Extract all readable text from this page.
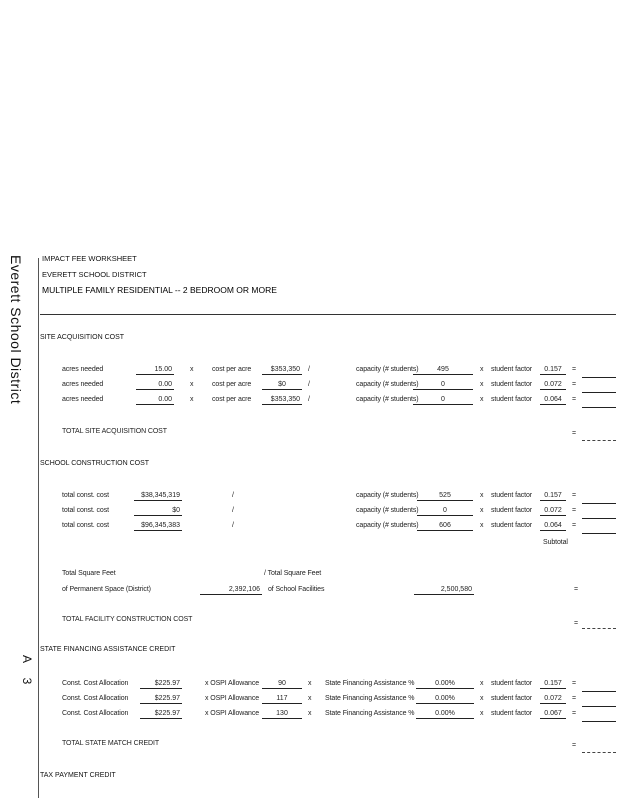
Everett School District
A 3
IMPACT FEE WORKSHEET
EVERETT SCHOOL DISTRICT
MULTIPLE FAMILY RESIDENTIAL -- 2 BEDROOM OR MORE
SITE ACQUISITION COST
acres needed	15.00	x	cost per acre	$353,350 /	capacity (# students)	495	x student factor	0.157	=
acres needed	0.00	x	cost per acre	$0	/	capacity (# students)	0	x student factor	0.072	=
acres needed	0.00	x	cost per acre	$353,350 /	capacity (# students)	0	x student factor	0.064	=
TOTAL SITE ACQUISITION COST	=
SCHOOL CONSTRUCTION COST
total const. cost	$38,345,319	/	capacity (# students)	525	x student factor	0.157	=
total const. cost	$0	/	capacity (# students)	0	x student factor	0.072	=
total const. cost	$96,345,383	/	capacity (# students)	606	x student factor	0.064	=
Subtotal
Total Square Feet
of Permanent Space (District)	2,392,106
/ Total Square Feet
of School Facilities	2,500,580	=
TOTAL FACILITY CONSTRUCTION COST
=
STATE FINANCING ASSISTANCE CREDIT
Const. Cost Allocation	$225.97	x OSPI Allowance	90	x State Financing Assistance %	0.00%	x student factor	0.157	=
Const. Cost Allocation	$225.97	x OSPI Allowance	117	x State Financing Assistance %	0.00%	x student factor	0.072	=
Const. Cost Allocation	$225.97	x OSPI Allowance	130	x State Financing Assistance %	0.00%	x student factor	0.067	=
TOTAL STATE MATCH CREDIT	=
TAX PAYMENT CREDIT
